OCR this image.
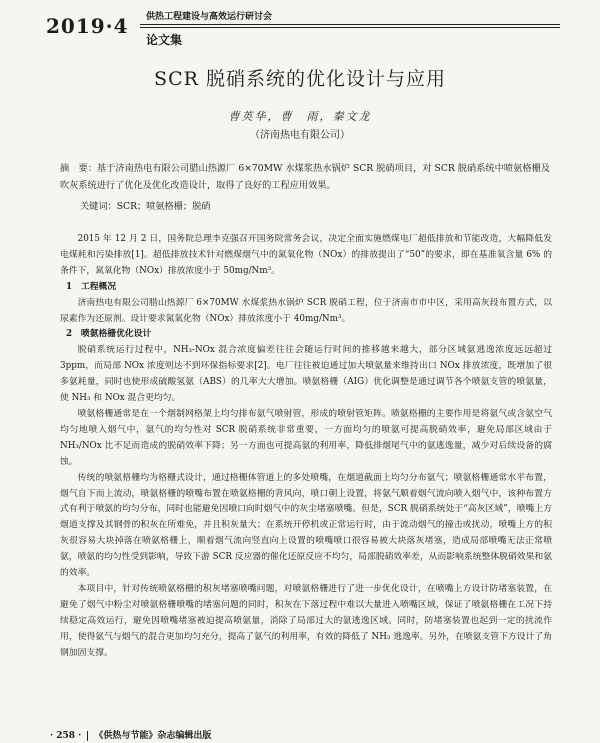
2019·4 供热工程建设与高效运行研讨会
论文集
SCR 脱硝系统的优化设计与应用
曹英华，曹　雨，秦文龙
（济南热电有限公司）
摘　要：基于济南热电有限公司腊山热源厂 6×70MW 水煤浆热水锅炉 SCR 脱硝项目，对 SCR 脱硝系统中喷氨格栅及吹灰系统进行了优化及优化改造设计，取得了良好的工程应用效果。
关键词：SCR；喷氨格栅；脱硝

2015 年 12 月 2 日，国务院总理李克强召开国务院常务会议，决定全面实施燃煤电厂超低排放和节能改造，大幅降低发电煤耗和污染排放[1]。超低排放技术针对燃煤烟气中的氮氧化物（NOx）的排放提出了“50”的要求，即在基准氧含量 6% 的条件下，氮氧化物（NOx）排放浓度小于 50mg/Nm³。

1　工程概况

济南热电有限公司腊山热源厂 6×70MW 水煤浆热水锅炉 SCR 脱硝工程，位于济南市市中区，采用高灰段布置方式，以尿素作为还原剂。设计要求氮氧化物（NOx）排放浓度小于 40mg/Nm³。

2　喷氨格栅优化设计

脱硝系统运行过程中，NH₃-NOx 混合浓度偏差往往会随运行时间的推移越来越大，部分区域氨逃逸浓度远远超过 3ppm，而局部 NOx 浓度则达不到环保指标要求[2]。电厂往往被迫通过加大喷氨量来维持出口 NOx 排放浓度，既增加了很多氨耗量，同时也使形成硫酸氢氨（ABS）的几率大大增加。喷氨格栅（AIG）优化调整是通过调节各个喷氨支管的喷氨量，使 NH₃ 和 NOx 混合更均匀。

喷氨格栅通常是在一个烟制网格架上均匀排布氨气喷射管，形成的喷射管矩阵。喷氨格栅的主要作用是将氨气或含氨空气均匀地喷入烟气中，氨气的均匀性对 SCR 脱硝系统非常重要，一方面均匀的喷氨可提高脱硝效率，避免局部区域由于 NH₃/NOx 比不足而造成的脱硝效率下降；另一方面也可提高氨的利用率，降低排烟尾气中的氨逃逸量，减少对后续设备的腐蚀。

传统的喷氨格栅均为格栅式设计，通过格栅体管道上的多处喷嘴，在烟道截面上均匀分布氨气；喷氨格栅通常水平布置，烟气自下而上流动，喷氨格栅的喷嘴布置在喷氨格栅的背风向，喷口朝上设置，将氨气顺着烟气流向喷入烟气中，该种布置方式有利于喷氨的均匀分布，同时也能避免因喷口向时烟气中的灰尘堵塞喷嘴。但是，SCR 脱硝系统处于“高灰区域”，喷嘴上方烟道支撑及其钢骨的积灰在所难免，并且积灰量大；在系统开停机或正常运行时，由于流动烟气的撞击或扰动，喷嘴上方的积灰很容易大块掉落在喷氨格栅上，顺着烟气流向竖直向上设置的喷嘴喷口很容易被大块落灰堵塞，造成局部喷嘴无法正常喷氨，喷氨的均匀性受到影响，导致下游 SCR 反应器的催化还原反应不均匀，局部脱硝效率差，从而影响系统整体脱硝效果和氨的效率。

本项目中，针对传统喷氨格栅的积灰堵塞喷嘴问题，对喷氨格栅进行了进一步优化设计，在喷嘴上方设计防堵塞装置，在避免了烟气中粉尘对喷氨格栅喷嘴的堵塞问题的同时，积灰在下落过程中难以大量进入喷嘴区域，保证了喷氨格栅在工况下持续稳定高效运行，避免因喷嘴堵塞被迫提高喷氨量，消除了局部过大的氨逃逸区域。同时，防堵塞装置也起到一定的扰流作用，使得氨气与烟气的混合更加均匀充分，提高了氨气的利用率，有效的降低了 NH₃ 逃逸率。另外，在喷氨支管下方设计了角钢加固支撑。

· 258 · 《供热与节能》杂志编辑出版
